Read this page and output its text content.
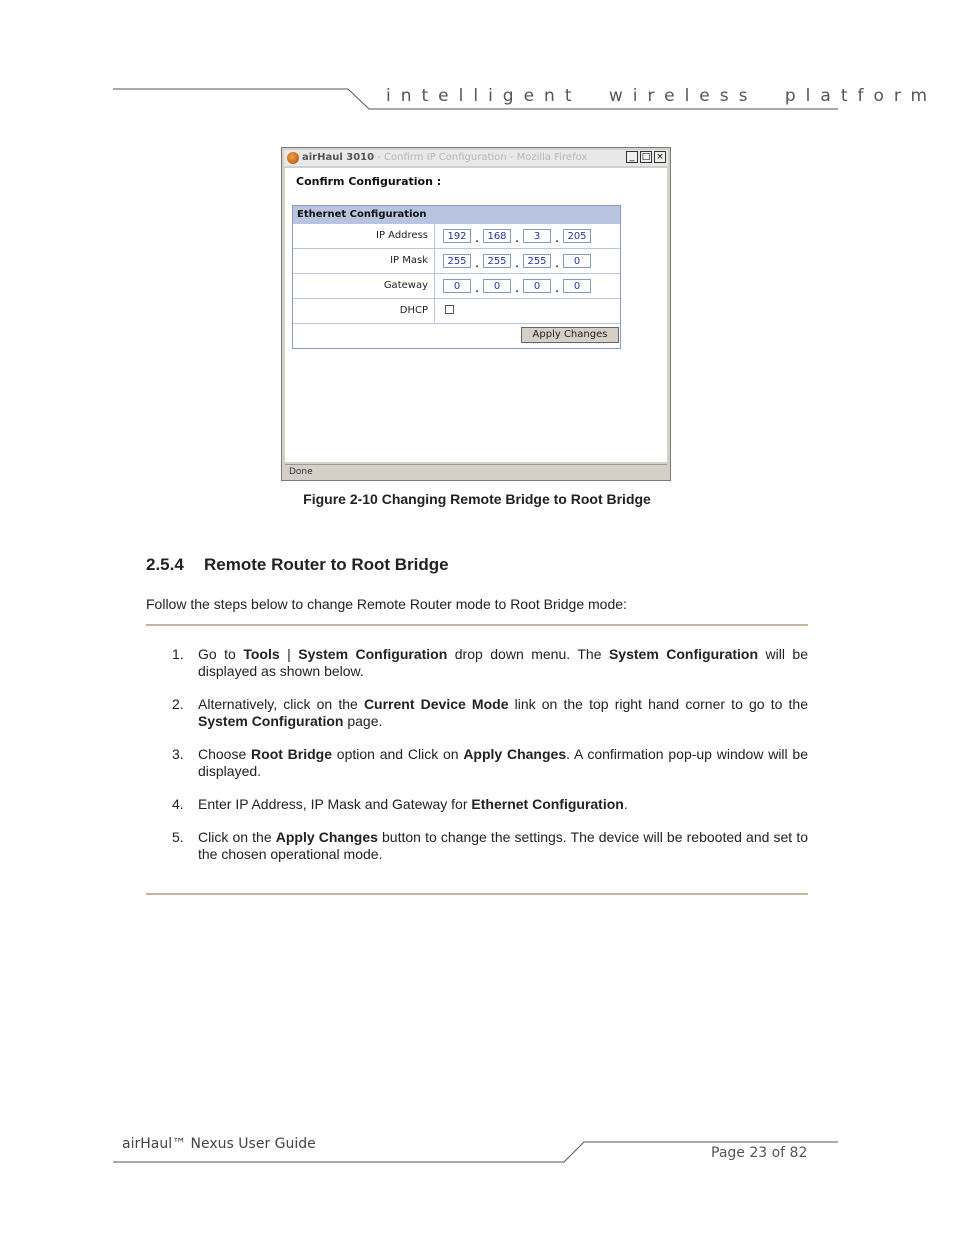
intelligent wireless platform
airHaul 3010 - Confirm IP Configuration - Mozilla Firefox	_ □ ×
Confirm Configuration :
Ethernet Configuration
IP Address	192 . 168 . 3 . 205
IP Mask	255 . 255 . 255 . 0
Gateway	0 . 0 . 0 . 0
DHCP
Apply Changes
Done
Figure 2-10 Changing Remote Bridge to Root Bridge
2.5.4 Remote Router to Root Bridge
Follow the steps below to change Remote Router mode to Root Bridge mode:
1. Go to Tools | System Configuration drop down menu. The System Configuration will be displayed as shown below.
2. Alternatively, click on the Current Device Mode link on the top right hand corner to go to the System Configuration page.
3. Choose Root Bridge option and Click on Apply Changes. A confirmation pop-up window will be displayed.
4. Enter IP Address, IP Mask and Gateway for Ethernet Configuration.
5. Click on the Apply Changes button to change the settings. The device will be rebooted and set to the chosen operational mode.
airHaul™ Nexus User Guide
Page 23 of 82
